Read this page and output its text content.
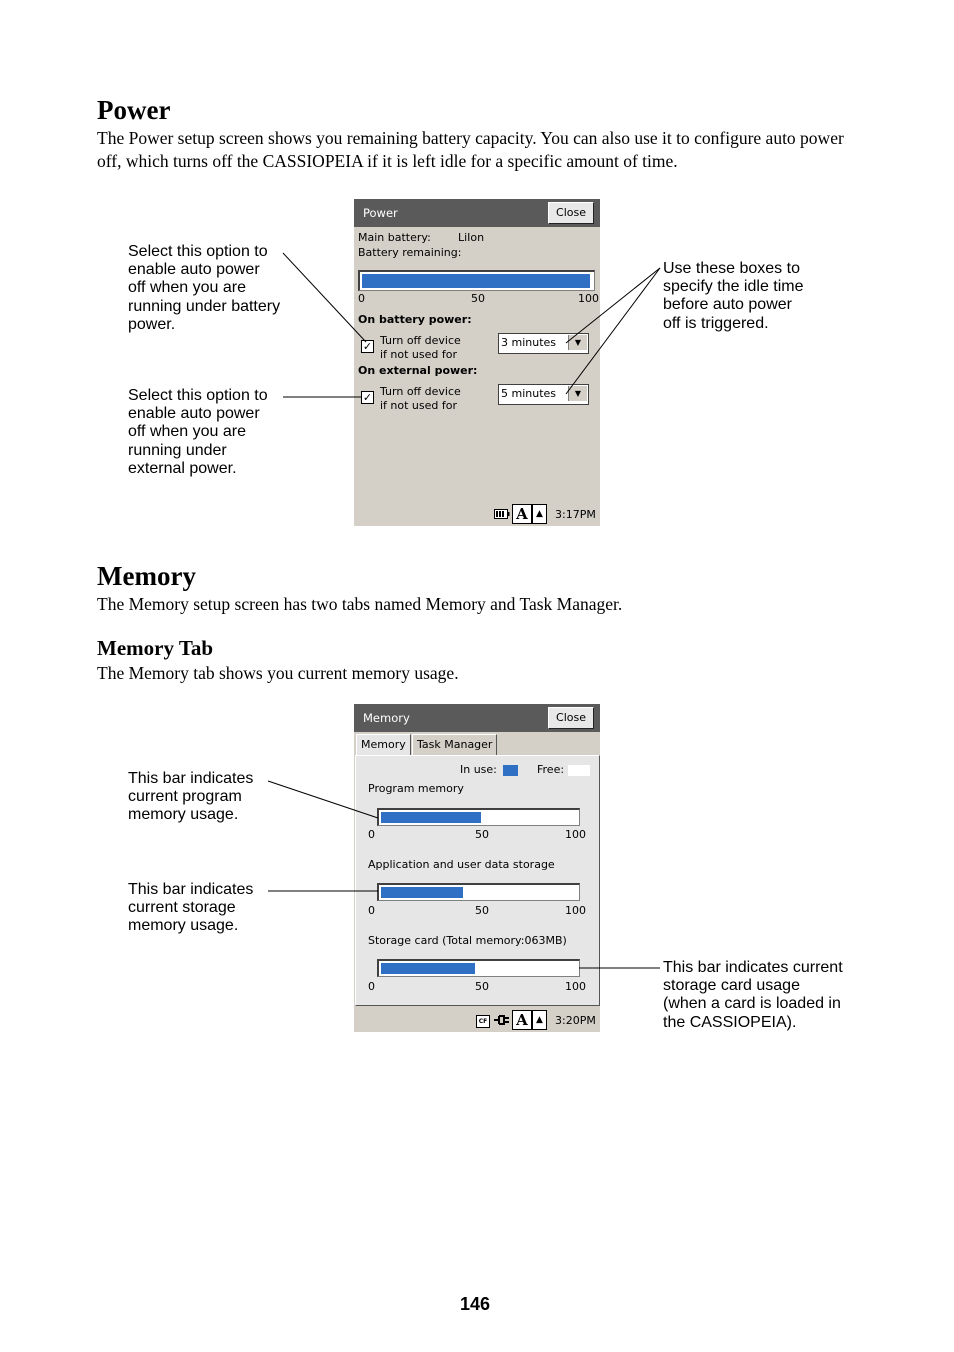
Power

The Power setup screen shows you remaining battery capacity. You can also use it to configure auto power off, which turns off the CASSIOPEIA if it is left idle for a specific amount of time.

Power	Close
Main battery: LiIon
Battery remaining:
0	50	100
On battery power:
✓ Turn off device
if not used for
3 minutes	▼
On external power:
✓ Turn off device
if not used for
5 minutes	▼
A ▲	3:17PM
Select this option to
enable auto power
off when you are
running under battery
power.
Select this option to
enable auto power
off when you are
running under
external power.
Use these boxes to
specify the idle time
before auto power
off is triggered.
Memory

The Memory setup screen has two tabs named Memory and Task Manager.

Memory Tab

The Memory tab shows you current memory usage.

Memory	Close
Memory	Task Manager
In use:	Free:
Program memory
0	50	100
Application and user data storage
0	50	100
Storage card (Total memory:063MB)
0	50	100
CF A ▲	3:20PM
This bar indicates
current program
memory usage.
This bar indicates
current storage
memory usage.
This bar indicates current
storage card usage
(when a card is loaded in
the CASSIOPEIA).
146
